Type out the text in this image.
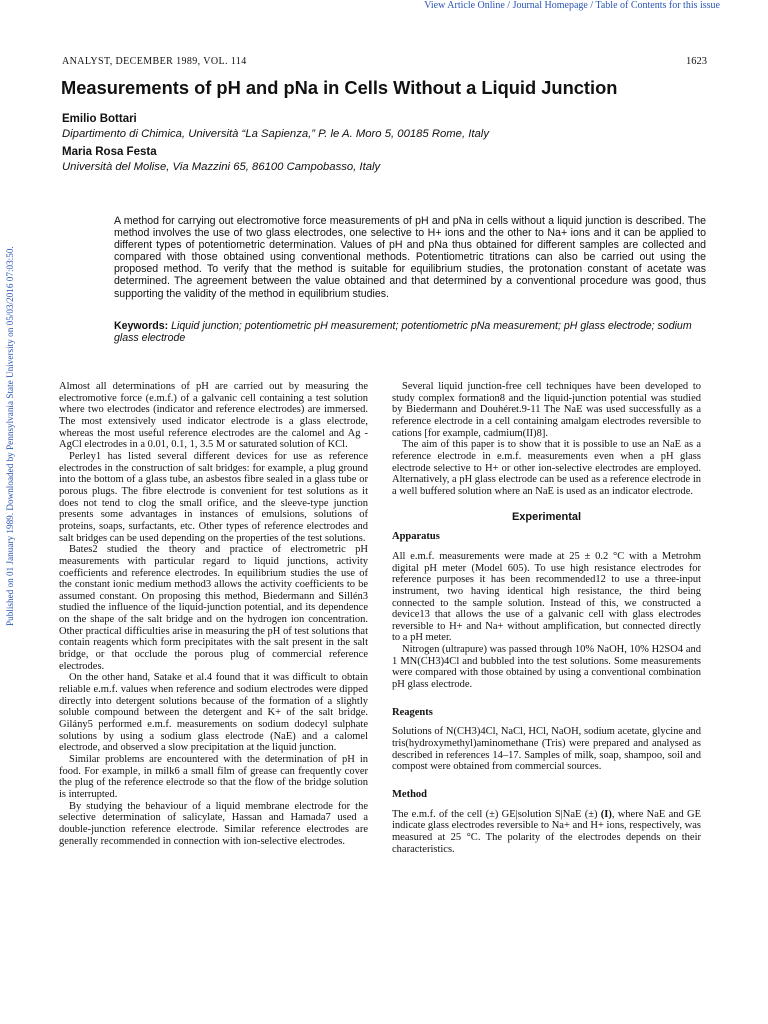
View Article Online / Journal Homepage / Table of Contents for this issue
Published on 01 January 1989. Downloaded by Pennsylvania State University on 05/03/2016 07:03:50.
ANALYST, DECEMBER 1989, VOL. 114	1623
Measurements of pH and pNa in Cells Without a Liquid Junction
Emilio Bottari
Dipartimento di Chimica, Università “La Sapienza,” P. le A. Moro 5, 00185 Rome, Italy
Maria Rosa Festa
Università del Molise, Via Mazzini 65, 86100 Campobasso, Italy

A method for carrying out electromotive force measurements of pH and pNa in cells without a liquid junction is described. The method involves the use of two glass electrodes, one selective to H+ ions and the other to Na+ ions and it can be applied to different types of potentiometric determination. Values of pH and pNa thus obtained for different samples are collected and compared with those obtained using conventional methods. Potentiometric titrations can also be carried out using the proposed method. To verify that the method is suitable for equilibrium studies, the protonation constant of acetate was determined. The agreement between the value obtained and that determined by a conventional procedure was good, thus supporting the validity of the method in equilibrium studies.

Keywords: Liquid junction; potentiometric pH measurement; potentiometric pNa measurement; pH glass electrode; sodium glass electrode

Almost all determinations of pH are carried out by measuring the electromotive force (e.m.f.) of a galvanic cell containing a test solution where two electrodes (indicator and reference electrodes) are immersed. The most extensively used indicator electrode is a glass electrode, whereas the most useful reference electrodes are the calomel and Ag - AgCl electrodes in a 0.01, 0.1, 1, 3.5 M or saturated solution of KCl.

Perley1 has listed several different devices for use as reference electrodes in the construction of salt bridges: for example, a plug ground into the bottom of a glass tube, an asbestos fibre sealed in a glass tube or porous plugs. The fibre electrode is convenient for test solutions as it does not tend to clog the small orifice, and the sleeve-type junction presents some advantages in instances of emulsions, solutions of proteins, soaps, surfactants, etc. Other types of reference electrodes and salt bridges can be used depending on the properties of the test solutions.

Bates2 studied the theory and practice of electrometric pH measurements with particular regard to liquid junctions, activity coefficients and reference electrodes. In equilibrium studies the use of the constant ionic medium method3 allows the activity coefficients to be assumed constant. On proposing this method, Biedermann and Sillén3 studied the influence of the liquid-junction potential, and its dependence on the shape of the salt bridge and on the hydrogen ion concentration. Other practical difficulties arise in measuring the pH of test solutions that contain reagents which form precipitates with the salt present in the salt bridge, or that occlude the porous plug of commercial reference electrodes.

On the other hand, Satake et al.4 found that it was difficult to obtain reliable e.m.f. values when reference and sodium electrodes were dipped directly into detergent solutions because of the formation of a slightly soluble compound between the detergent and K+ of the salt bridge. Gilány5 performed e.m.f. measurements on sodium dodecyl sulphate solutions by using a sodium glass electrode (NaE) and a calomel electrode, and observed a slow precipitation at the liquid junction.

Similar problems are encountered with the determination of pH in food. For example, in milk6 a small film of grease can frequently cover the plug of the reference electrode so that the flow of the bridge solution is interrupted.

By studying the behaviour of a liquid membrane electrode for the selective determination of salicylate, Hassan and Hamada7 used a double-junction reference electrode. Similar reference electrodes are generally recommended in connection with ion-selective electrodes.

Several liquid junction-free cell techniques have been developed to study complex formation8 and the liquid-junction potential was studied by Biedermann and Douhéret.9-11 The NaE was used successfully as a reference electrode in a cell containing amalgam electrodes reversible to cations [for example, cadmium(II)8].

The aim of this paper is to show that it is possible to use an NaE as a reference electrode in e.m.f. measurements even when a pH glass electrode selective to H+ or other ion-selective electrodes are employed. Alternatively, a pH glass electrode can be used as a reference electrode in a well buffered solution where an NaE is used as an indicator electrode.

Experimental
Apparatus

All e.m.f. measurements were made at 25 ± 0.2 °C with a Metrohm digital pH meter (Model 605). To use high resistance electrodes for reference purposes it has been recommended12 to use a three-input instrument, two having identical high resistance, the third being connected to the sample solution. Instead of this, we constructed a device13 that allows the use of a galvanic cell with glass electrodes reversible to H+ and Na+ without amplification, but connected directly to a pH meter.

Nitrogen (ultrapure) was passed through 10% NaOH, 10% H2SO4 and 1 MN(CH3)4Cl and bubbled into the test solutions. Some measurements were compared with those obtained by using a conventional combination pH glass electrode.

Reagents

Solutions of N(CH3)4Cl, NaCl, HCl, NaOH, sodium acetate, glycine and tris(hydroxymethyl)aminomethane (Tris) were prepared and analysed as described in references 14–17. Samples of milk, soap, shampoo, soil and compost were obtained from commercial sources.

Method

The e.m.f. of the cell (±) GE|solution S|NaE (±) (I), where NaE and GE indicate glass electrodes reversible to Na+ and H+ ions, respectively, was measured at 25 °C. The polarity of the electrodes depends on their characteristics.
